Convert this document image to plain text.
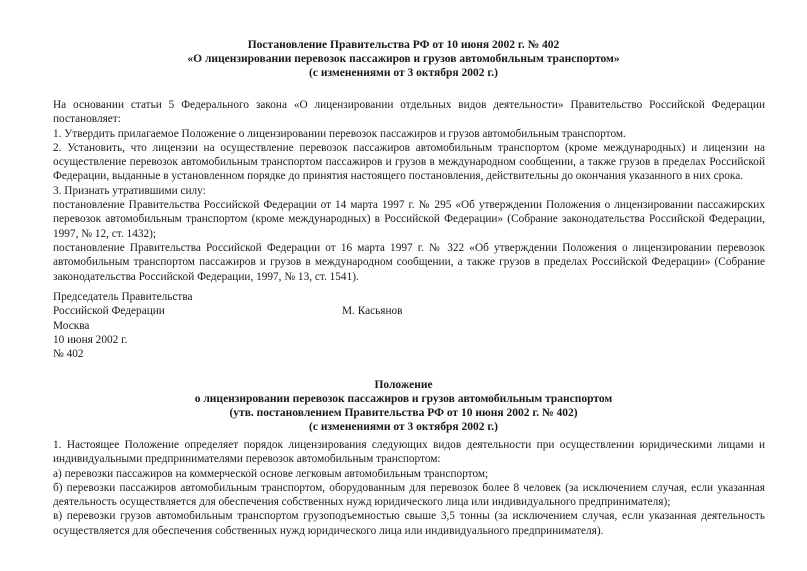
Постановление Правительства РФ от 10 июня 2002 г. № 402
«О лицензировании перевозок пассажиров и грузов автомобильным транспортом»
(с изменениями от 3 октября 2002 г.)

На основании статьи 5 Федерального закона «О лицензировании отдельных видов деятельности» Правительство Российской Федерации постановляет:

1. Утвердить прилагаемое Положение о лицензировании перевозок пассажиров и грузов автомобильным транспортом.

2. Установить, что лицензии на осуществление перевозок пассажиров автомобильным транспортом (кроме международных) и лицензии на осуществление перевозок автомобильным транспортом пассажиров и грузов в международном сообщении, а также грузов в пределах Российской Федерации, выданные в установленном порядке до принятия настоящего постановления, действительны до окончания указанного в них срока.

3. Признать утратившими силу:

постановление Правительства Российской Федерации от 14 марта 1997 г. № 295 «Об утверждении Положения о лицензировании пассажирских перевозок автомобильным транспортом (кроме международных) в Российской Федерации» (Собрание законодательства Российской Федерации, 1997, № 12, ст. 1432);

постановление Правительства Российской Федерации от 16 марта 1997 г. № 322 «Об утверждении Положения о лицензировании перевозок автомобильным транспортом пассажиров и грузов в международном сообщении, а также грузов в пределах Российской Федерации» (Собрание законодательства Российской Федерации, 1997, № 13, ст. 1541).

Председатель Правительства
Российской Федерации
Москва
10 июня 2002 г.
№ 402
М. Касьянов
Положение
о лицензировании перевозок пассажиров и грузов автомобильным транспортом
(утв. постановлением Правительства РФ от 10 июня 2002 г. № 402)
(с изменениями от 3 октября 2002 г.)

1. Настоящее Положение определяет порядок лицензирования следующих видов деятельности при осуществлении юридическими лицами и индивидуальными предпринимателями перевозок автомобильным транспортом:

а) перевозки пассажиров на коммерческой основе легковым автомобильным транспортом;

б) перевозки пассажиров автомобильным транспортом, оборудованным для перевозок более 8 человек (за исключением случая, если указанная деятельность осуществляется для обеспечения собственных нужд юридического лица или индивидуального предпринимателя);

в) перевозки грузов автомобильным транспортом грузоподъемностью свыше 3,5 тонны (за исключением случая, если указанная деятельность осуществляется для обеспечения собственных нужд юридического лица или индивидуального предпринимателя).
